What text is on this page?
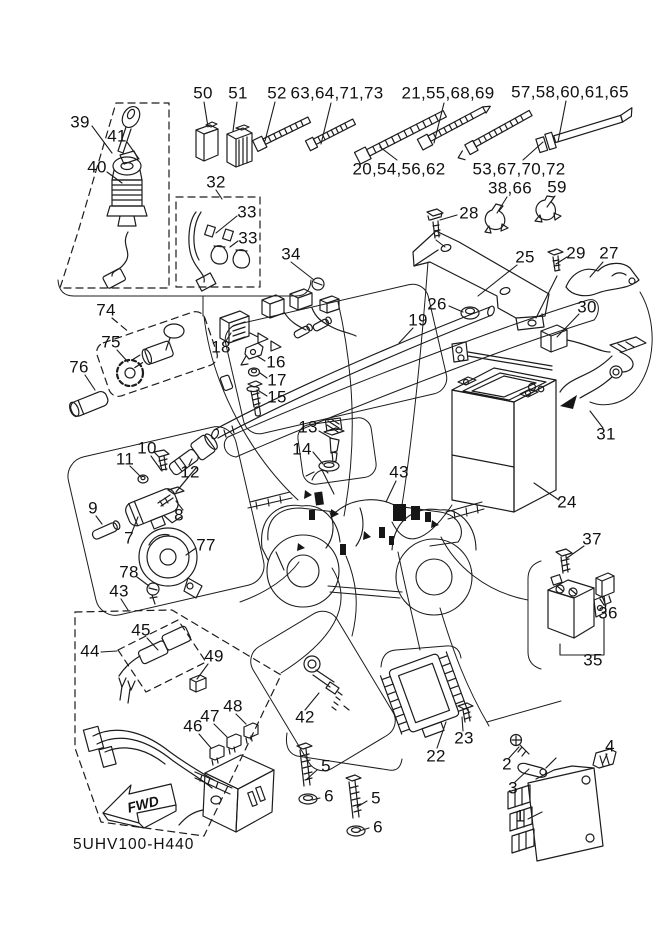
39
41
40
50 51 52 63,64,71,73 21,55,68,69 57,58,60,61,65
20,54,56,62 53,67,70,72
32
33
33
34
38,66 59
28
25 29 27
26	30
19
74
75
76
18
16
17
15
13
14
43
24
31
10
11
12
9	8
7	77
78
43
37
36
35
45
44	49
48
47
46	42
23
22
5
6 5
6
4
2
3
1
FWD
5UHV100-H440
